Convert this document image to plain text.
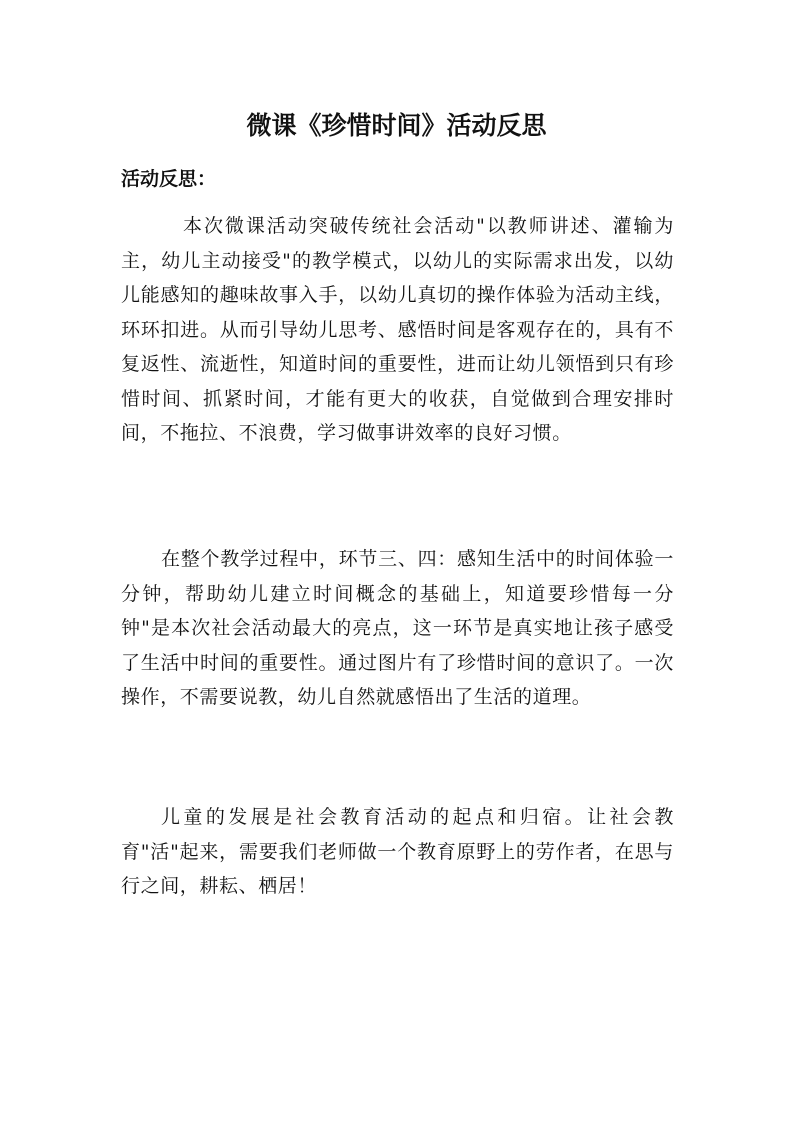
微课《珍惜时间》活动反思
活动反思：

本次微课活动突破传统社会活动"以教师讲述、灌输为主，幼儿主动接受"的教学模式，以幼儿的实际需求出发，以幼儿能感知的趣味故事入手，以幼儿真切的操作体验为活动主线，环环扣进。从而引导幼儿思考、感悟时间是客观存在的，具有不复返性、流逝性，知道时间的重要性，进而让幼儿领悟到只有珍惜时间、抓紧时间，才能有更大的收获，自觉做到合理安排时间，不拖拉、不浪费，学习做事讲效率的良好习惯。

在整个教学过程中，环节三、四：感知生活中的时间体验一分钟，帮助幼儿建立时间概念的基础上，知道要珍惜每一分钟"是本次社会活动最大的亮点，这一环节是真实地让孩子感受了生活中时间的重要性。通过图片有了珍惜时间的意识了。一次操作，不需要说教，幼儿自然就感悟出了生活的道理。

儿童的发展是社会教育活动的起点和归宿。让社会教育"活"起来，需要我们老师做一个教育原野上的劳作者，在思与行之间，耕耘、栖居！
